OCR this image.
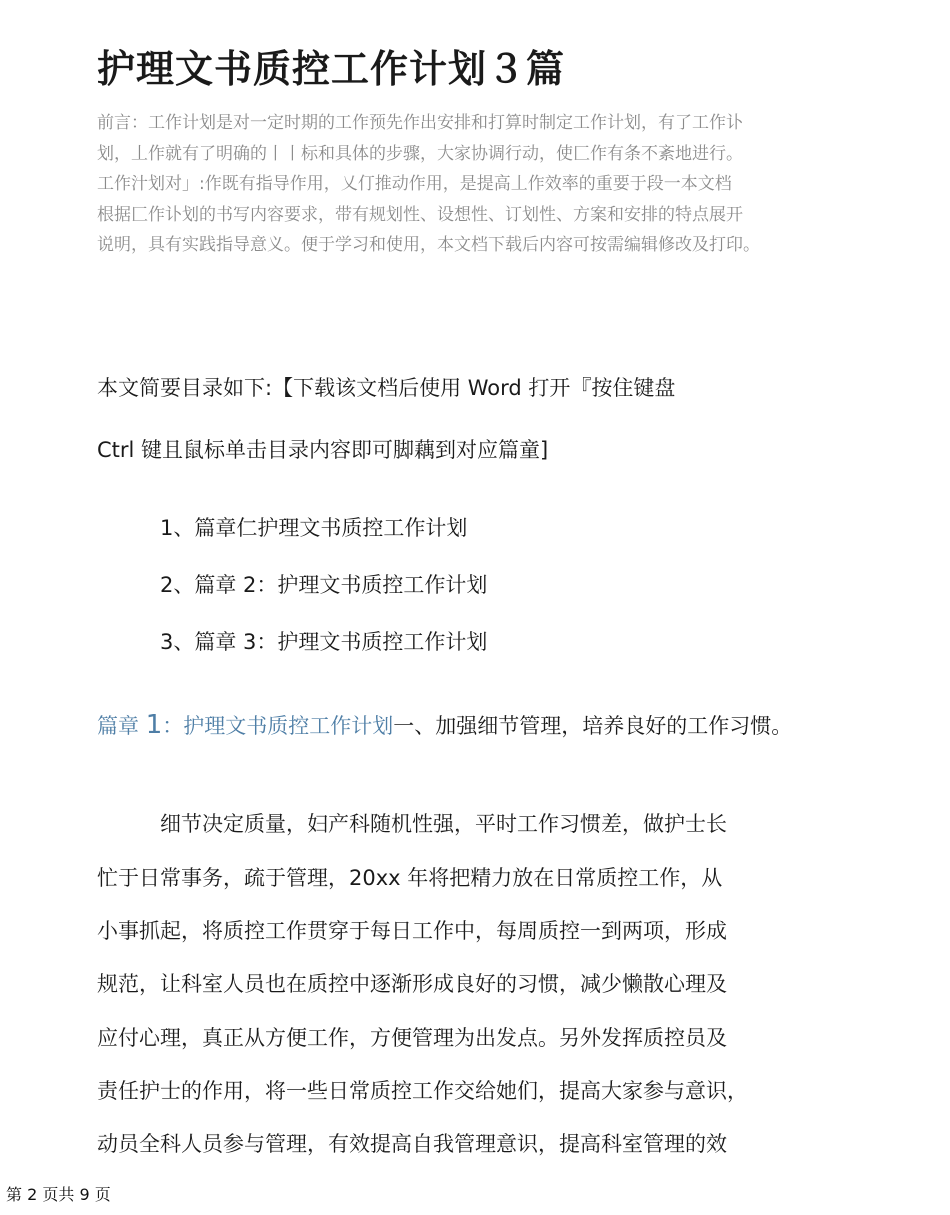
护理文书质控工作计划３篇
前言：工作计划是对一定时期的工作预先作出安排和打算时制定工作计划，有了工作讣
划，丄作就有了明确的丨丨标和具体的步骤，大家协调行动，使匚作有条不紊地进行。
工作汁划对」:作既有指导作用，乂仃推动作用，是提高丄作效率的重要于段一本文档
根据匚作讣划的书写内容要求，带有规划性、设想性、订划性、方案和安排的特点展开
说明，具有实践指导意义。便于学习和使用，本文档下载后内容可按需编辑修改及打印。
本文简要目录如下:【下载该文档后使用 Word 打开『按住键盘
Ctrl 键且鼠标单击目录内容即可脚藕到对应篇童]
1、篇章仁护理文书质控工作计划
2、篇章 2：护理文书质控工作计划
3、篇章 3：护理文书质控工作计划
篇章 1：护理文书质控工作计划一、加强细节管理，培养良好的工作习惯。
细节决定质量，妇产科随机性强，平时工作习惯差，做护士长
忙于日常事务，疏于管理，20xx 年将把精力放在日常质控工作，从
小事抓起，将质控工作贯穿于每日工作中，每周质控一到两项，形成
规范，让科室人员也在质控中逐渐形成良好的习惯，减少懒散心理及
应付心理，真正从方便工作，方便管理为出发点。另外发挥质控员及
责任护士的作用，将一些日常质控工作交给她们，提高大家参与意识，
动员全科人员参与管理，有效提高自我管理意识，提高科室管理的效
第 2 页共 9 页
